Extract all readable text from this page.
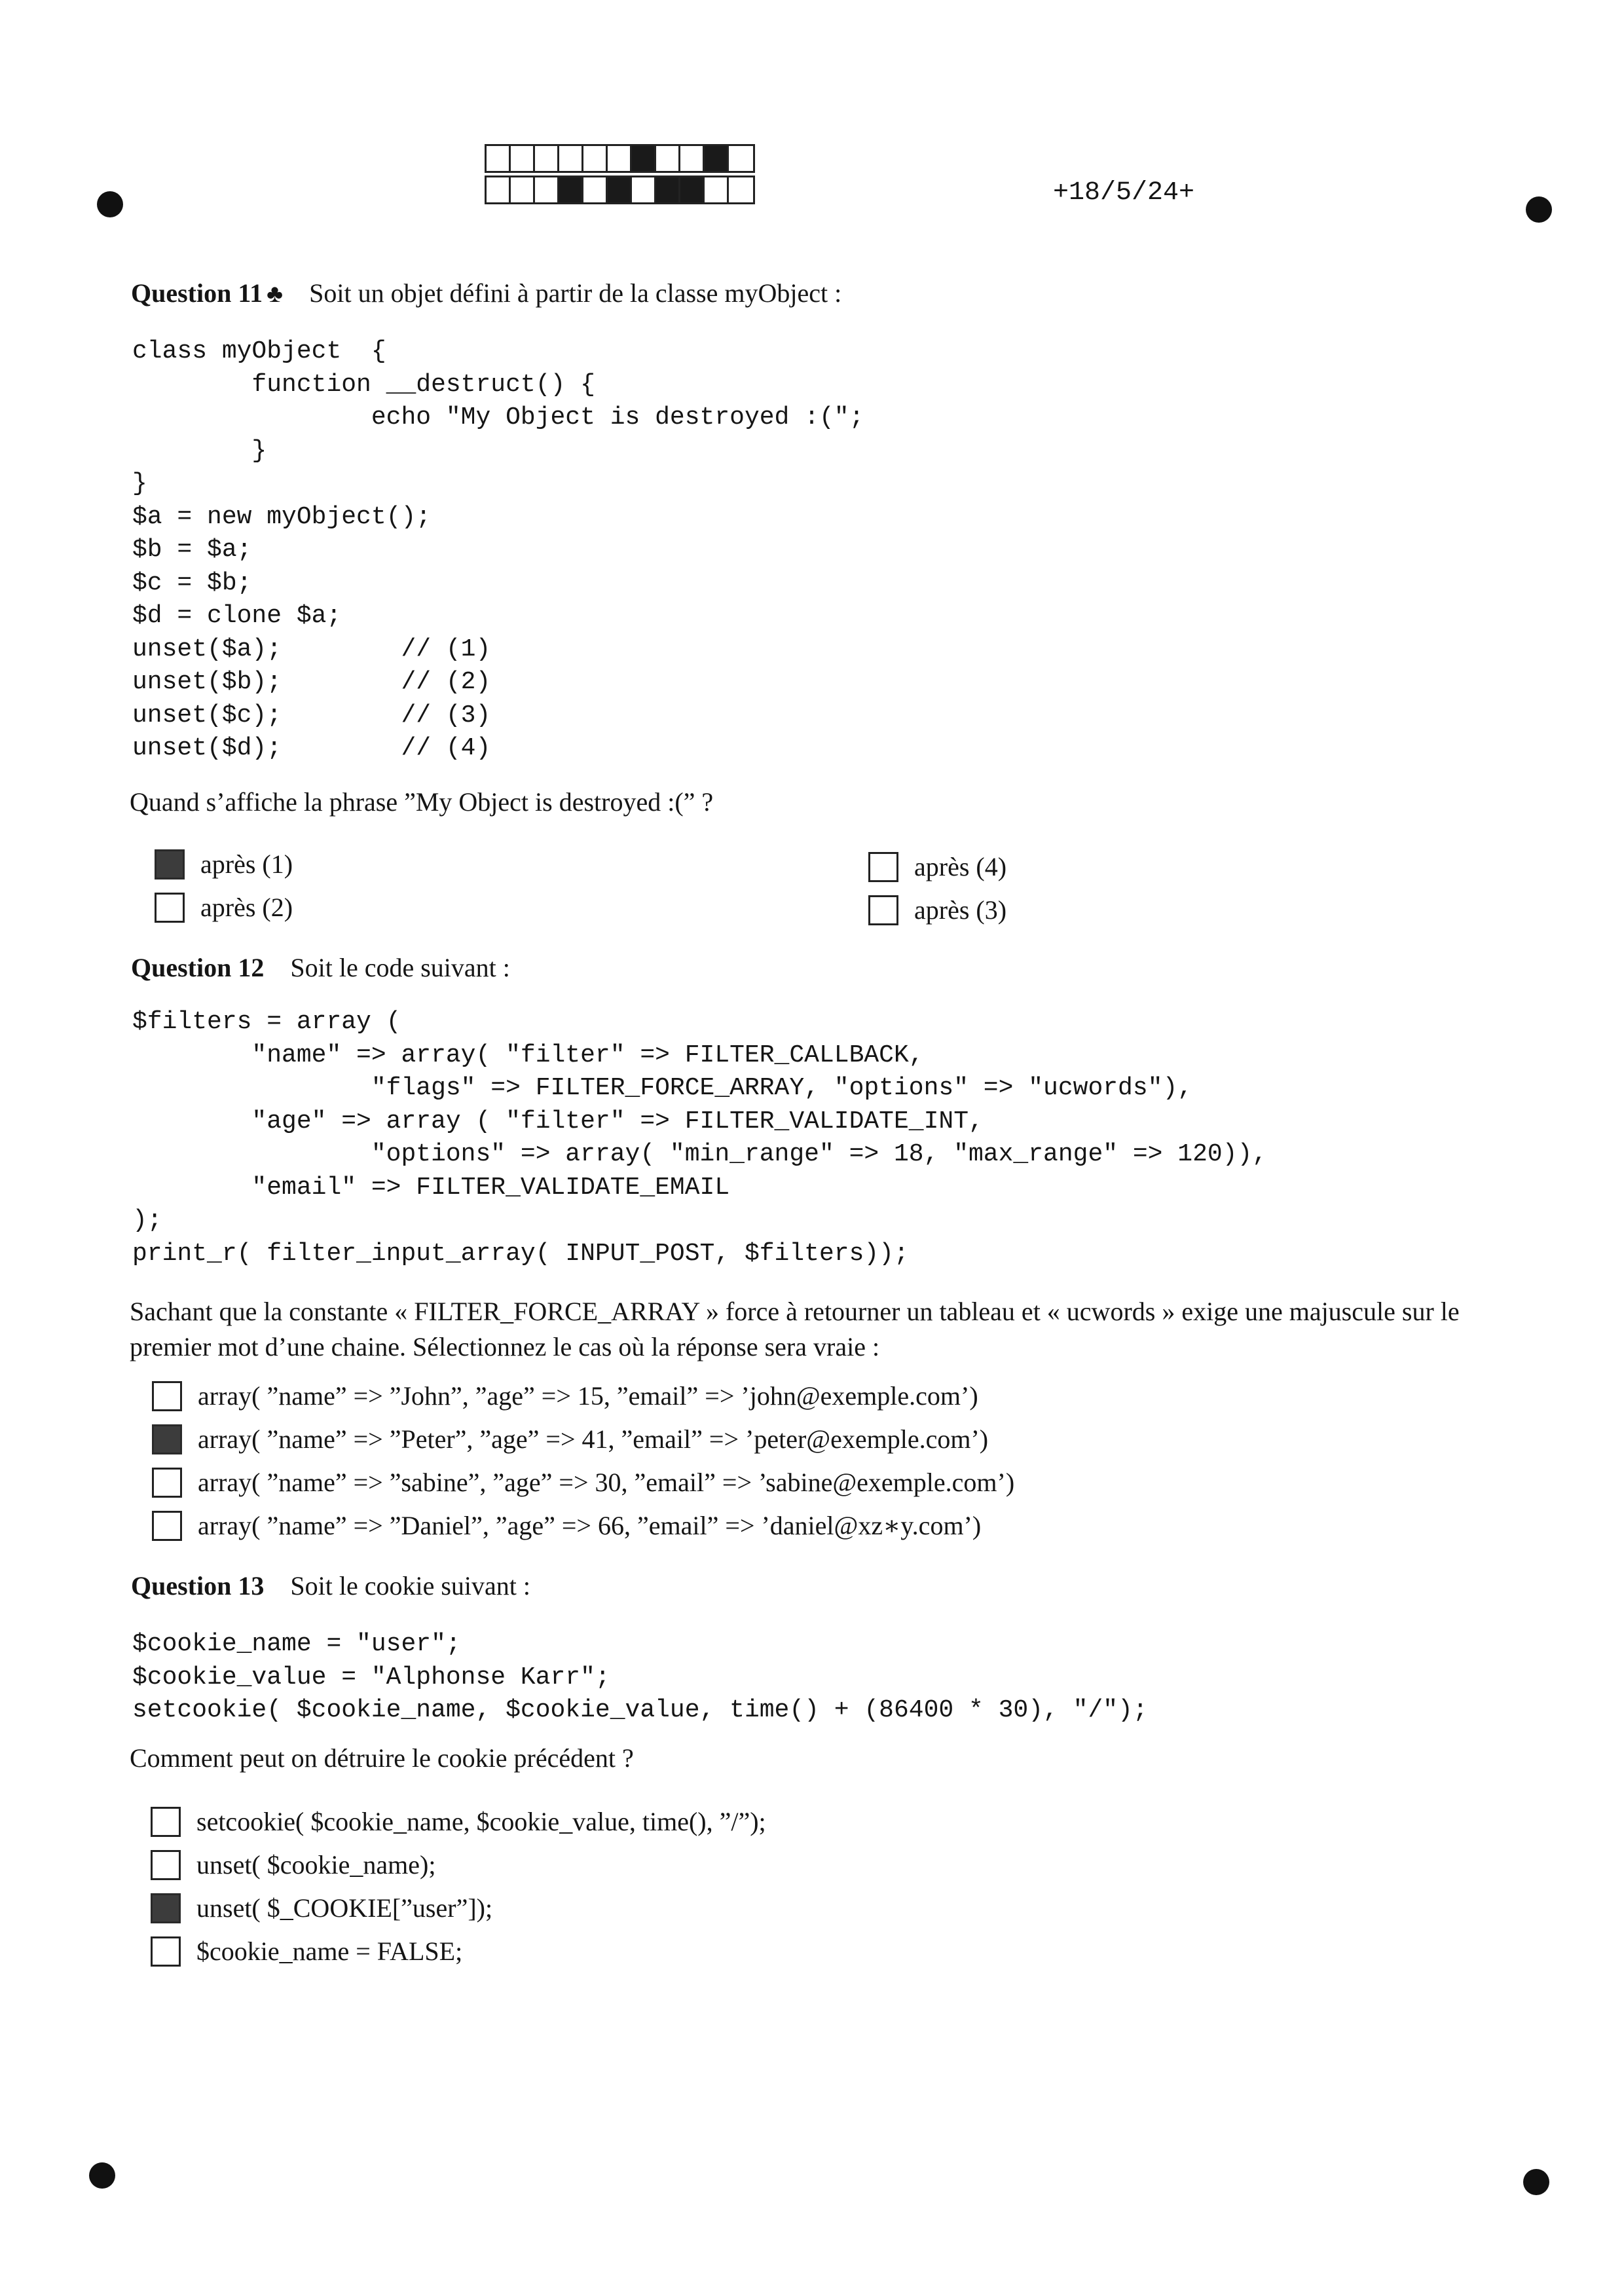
+18/5/24+
Question 11 ♣ Soit un objet défini à partir de la classe myObject :
class myObject  {
function __destruct() {
echo "My Object is destroyed :(";
}
}
$a = new myObject();
$b = $a;
$c = $b;
$d = clone $a;
unset($a);        // (1)
unset($b);        // (2)
unset($c);        // (3)
unset($d);        // (4)
Quand s’affiche la phrase ”My Object is destroyed :(” ?
après (1)
après (2)
après (4)
après (3)
Question 12 Soit le code suivant :
$filters = array (
"name" => array( "filter" => FILTER_CALLBACK,
"flags" => FILTER_FORCE_ARRAY, "options" => "ucwords"),
"age" => array ( "filter" => FILTER_VALIDATE_INT,
"options" => array( "min_range" => 18, "max_range" => 120)),
"email" => FILTER_VALIDATE_EMAIL
);
print_r( filter_input_array( INPUT_POST, $filters));
Sachant que la constante « FILTER_FORCE_ARRAY » force à retourner un tableau et « ucwords » exige une majuscule sur le premier mot d’une chaine. Sélectionnez le cas où la réponse sera vraie :
array( ”name” => ”John”, ”age” => 15, ”email” => ’john@exemple.com’)
array( ”name” => ”Peter”, ”age” => 41, ”email” => ’peter@exemple.com’)
array( ”name” => ”sabine”, ”age” => 30, ”email” => ’sabine@exemple.com’)
array( ”name” => ”Daniel”, ”age” => 66, ”email” => ’daniel@xz∗y.com’)
Question 13 Soit le cookie suivant :
$cookie_name = "user";
$cookie_value = "Alphonse Karr";
setcookie( $cookie_name, $cookie_value, time() + (86400 * 30), "/");
Comment peut on détruire le cookie précédent ?
setcookie( $cookie_name, $cookie_value, time(), ”/”);
unset( $cookie_name);
unset( $_COOKIE[”user”]);
$cookie_name = FALSE;
